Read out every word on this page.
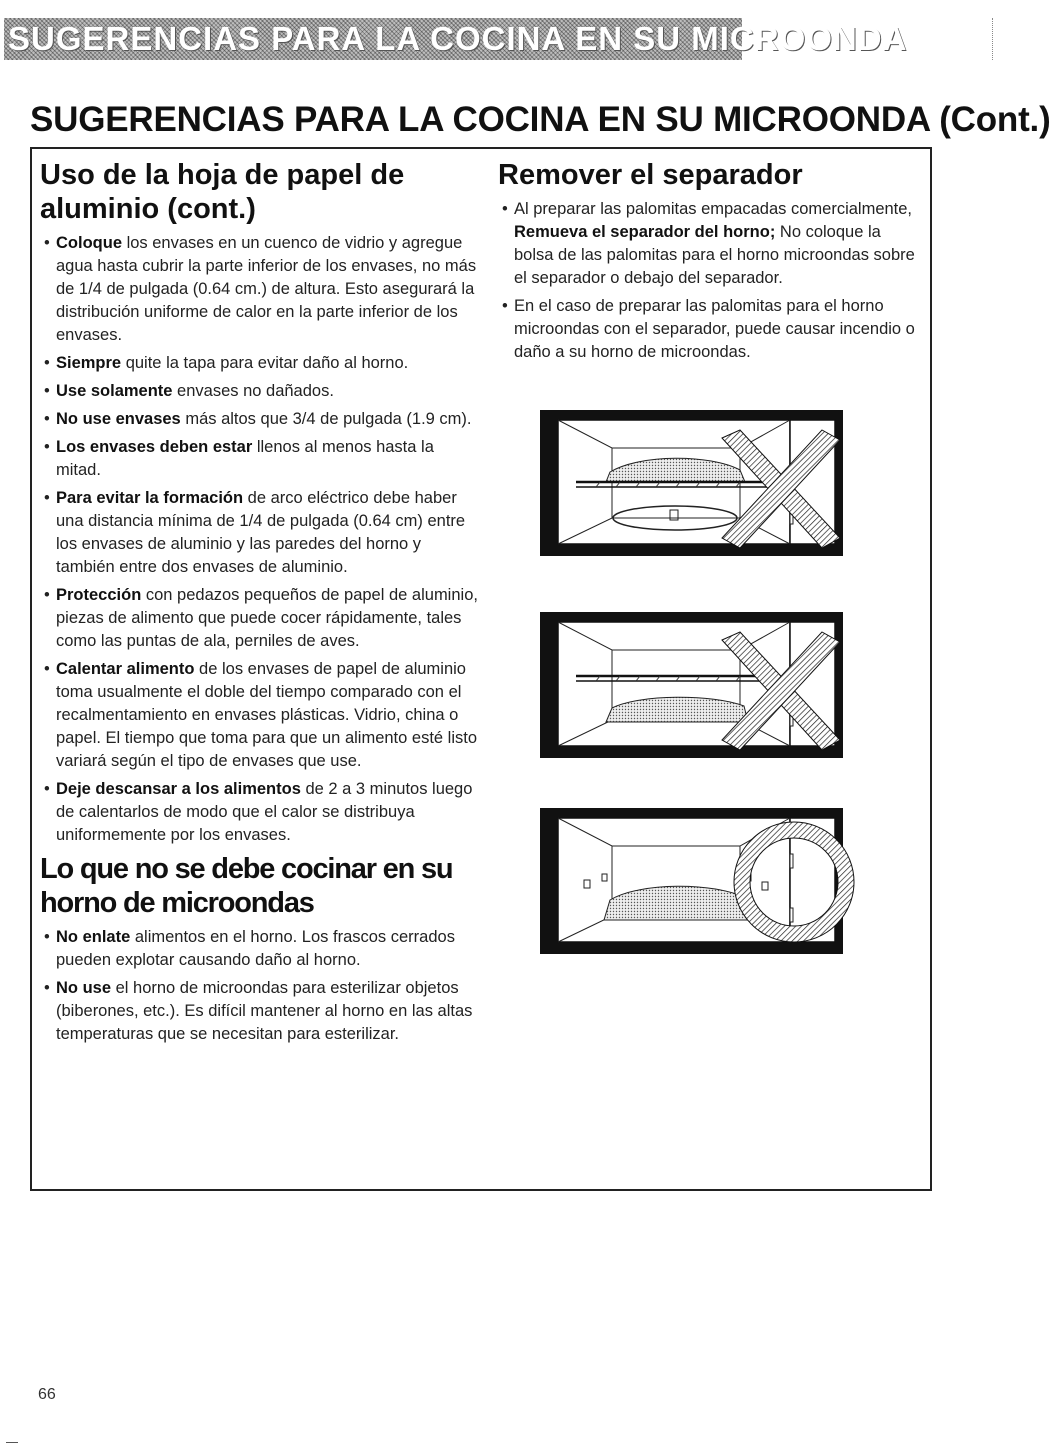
SUGERENCIAS PARA LA COCINA EN SU MICROONDA
SUGERENCIAS PARA LA COCINA EN SU MICROONDA (Cont.)
Uso de la hoja de papel de aluminio (cont.)
• Coloque los envases en un cuenco de vidrio y agregue agua hasta cubrir la parte inferior de los envases, no más de 1/4 de pulgada (0.64 cm.) de altura. Esto asegurará la distribución uniforme de calor en la parte inferior de los envases.
• Siempre quite la tapa para evitar daño al horno.
• Use solamente envases no dañados.
• No use envases más altos que 3/4 de pulgada (1.9 cm).
• Los envases deben estar llenos al menos hasta la mitad.
• Para evitar la formación de arco eléctrico debe haber una distancia mínima de 1/4 de pulgada (0.64 cm) entre los envases de aluminio y las paredes del horno y también entre dos envases de aluminio.
• Protección con pedazos pequeños de papel de aluminio, piezas de alimento que puede cocer rápidamente, tales como las puntas de ala, perniles de aves.
• Calentar alimento de los envases de papel de aluminio toma usualmente el doble del tiempo comparado con el recalmentamiento en envases plásticas. Vidrio, china o papel. El tiempo que toma para que un alimento esté listo variará según el tipo de envases que use.
• Deje descansar a los alimentos de 2 a 3 minutos luego de calentarlos de modo que el calor se distribuya uniformemente por los envases.
Lo que no se debe cocinar en su horno de microondas
• No enlate alimentos en el horno. Los frascos cerrados pueden explotar causando daño al horno.
• No use el horno de microondas para esterilizar objetos (biberones, etc.). Es difícil mantener al horno en las altas temperaturas que se necesitan para esterilizar.
Remover el separador
• Al preparar las palomitas empacadas comercialmente, Remueva el separador del horno; No coloque la bolsa de las palomitas para el horno microondas sobre el separador o debajo del separador.
• En el caso de preparar las palomitas para el horno microondas con el separador, puede causar incendio o daño a su horno de microondas.
66
